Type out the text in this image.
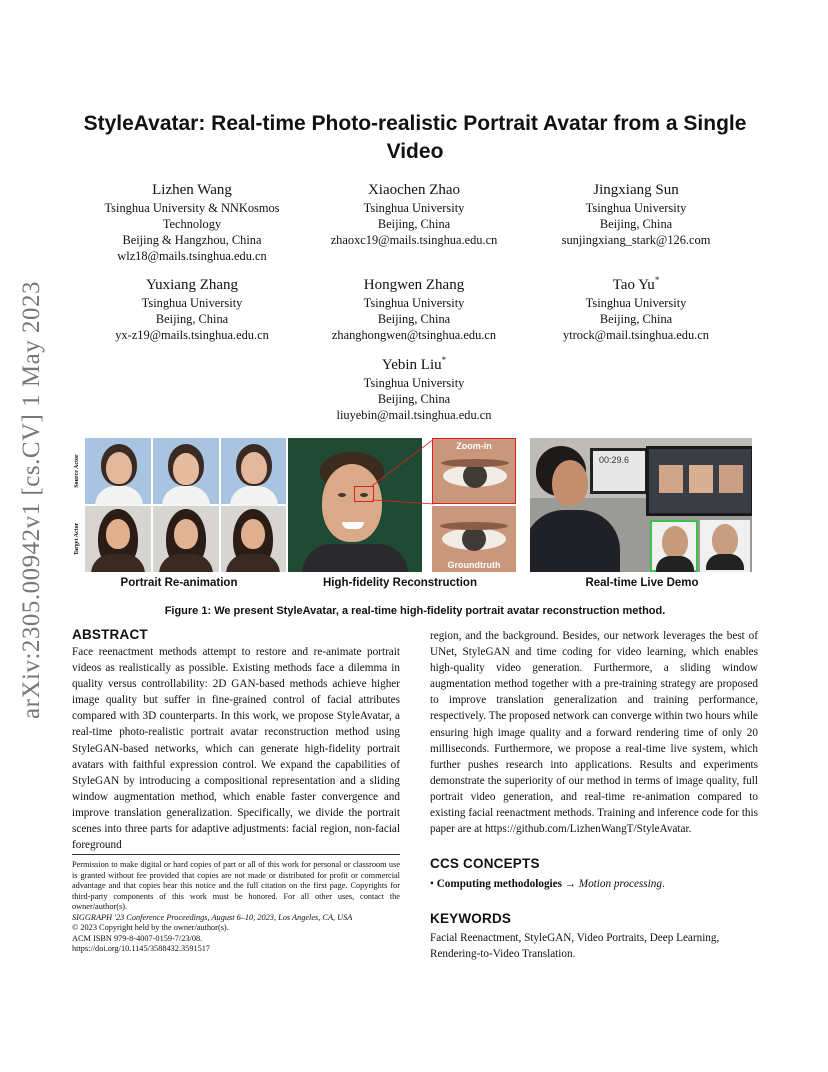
arXiv:2305.00942v1 [cs.CV] 1 May 2023
StyleAvatar: Real-time Photo-realistic Portrait Avatar from a Single Video
Lizhen Wang
Tsinghua University & NNKosmos
Technology
Beijing & Hangzhou, China
wlz18@mails.tsinghua.edu.cn
Xiaochen Zhao
Tsinghua University
Beijing, China
zhaoxc19@mails.tsinghua.edu.cn
Jingxiang Sun
Tsinghua University
Beijing, China
sunjingxiang_stark@126.com
Yuxiang Zhang
Tsinghua University
Beijing, China
yx-z19@mails.tsinghua.edu.cn
Hongwen Zhang
Tsinghua University
Beijing, China
zhanghongwen@tsinghua.edu.cn
Tao Yu*
Tsinghua University
Beijing, China
ytrock@mail.tsinghua.edu.cn
Yebin Liu*
Tsinghua University
Beijing, China
liuyebin@mail.tsinghua.edu.cn
Source Actor
Target Actor
Zoom-in
Groundtruth
00:29.6
Portrait Re-animation	High-fidelity Reconstruction	Real-time Live Demo
Figure 1: We present StyleAvatar, a real-time high-fidelity portrait avatar reconstruction method.
ABSTRACT

Face reenactment methods attempt to restore and re-animate portrait videos as realistically as possible. Existing methods face a dilemma in quality versus controllability: 2D GAN-based methods achieve higher image quality but suffer in fine-grained control of facial attributes compared with 3D counterparts. In this work, we propose StyleAvatar, a real-time photo-realistic portrait avatar reconstruction method using StyleGAN-based networks, which can generate high-fidelity portrait avatars with faithful expression control. We expand the capabilities of StyleGAN by introducing a compositional representation and a sliding window augmentation method, which enable faster convergence and improve translation generalization. Specifically, we divide the portrait scenes into three parts for adaptive adjustments: facial region, non-facial foreground

region, and the background. Besides, our network leverages the best of UNet, StyleGAN and time coding for video learning, which enables high-quality video generation. Furthermore, a sliding window augmentation method together with a pre-training strategy are proposed to improve translation generalization and training performance, respectively. The proposed network can converge within two hours while ensuring high image quality and a forward rendering time of only 20 milliseconds. Furthermore, we propose a real-time live system, which further pushes research into applications. Results and experiments demonstrate the superiority of our method in terms of image quality, full portrait video generation, and real-time re-animation compared to existing facial reenactment methods. Training and inference code for this paper are at https://github.com/LizhenWangT/StyleAvatar.

Permission to make digital or hard copies of part or all of this work for personal or classroom use is granted without fee provided that copies are not made or distributed for profit or commercial advantage and that copies bear this notice and the full citation on the first page. Copyrights for third-party components of this work must be honored. For all other uses, contact the owner/author(s).

SIGGRAPH '23 Conference Proceedings, August 6–10, 2023, Los Angeles, CA, USA

© 2023 Copyright held by the owner/author(s).

ACM ISBN 979-8-4007-0159-7/23/08.

https://doi.org/10.1145/3588432.3591517

CCS CONCEPTS
• Computing methodologies → Motion processing.
KEYWORDS

Facial Reenactment, StyleGAN, Video Portraits, Deep Learning, Rendering-to-Video Translation.
